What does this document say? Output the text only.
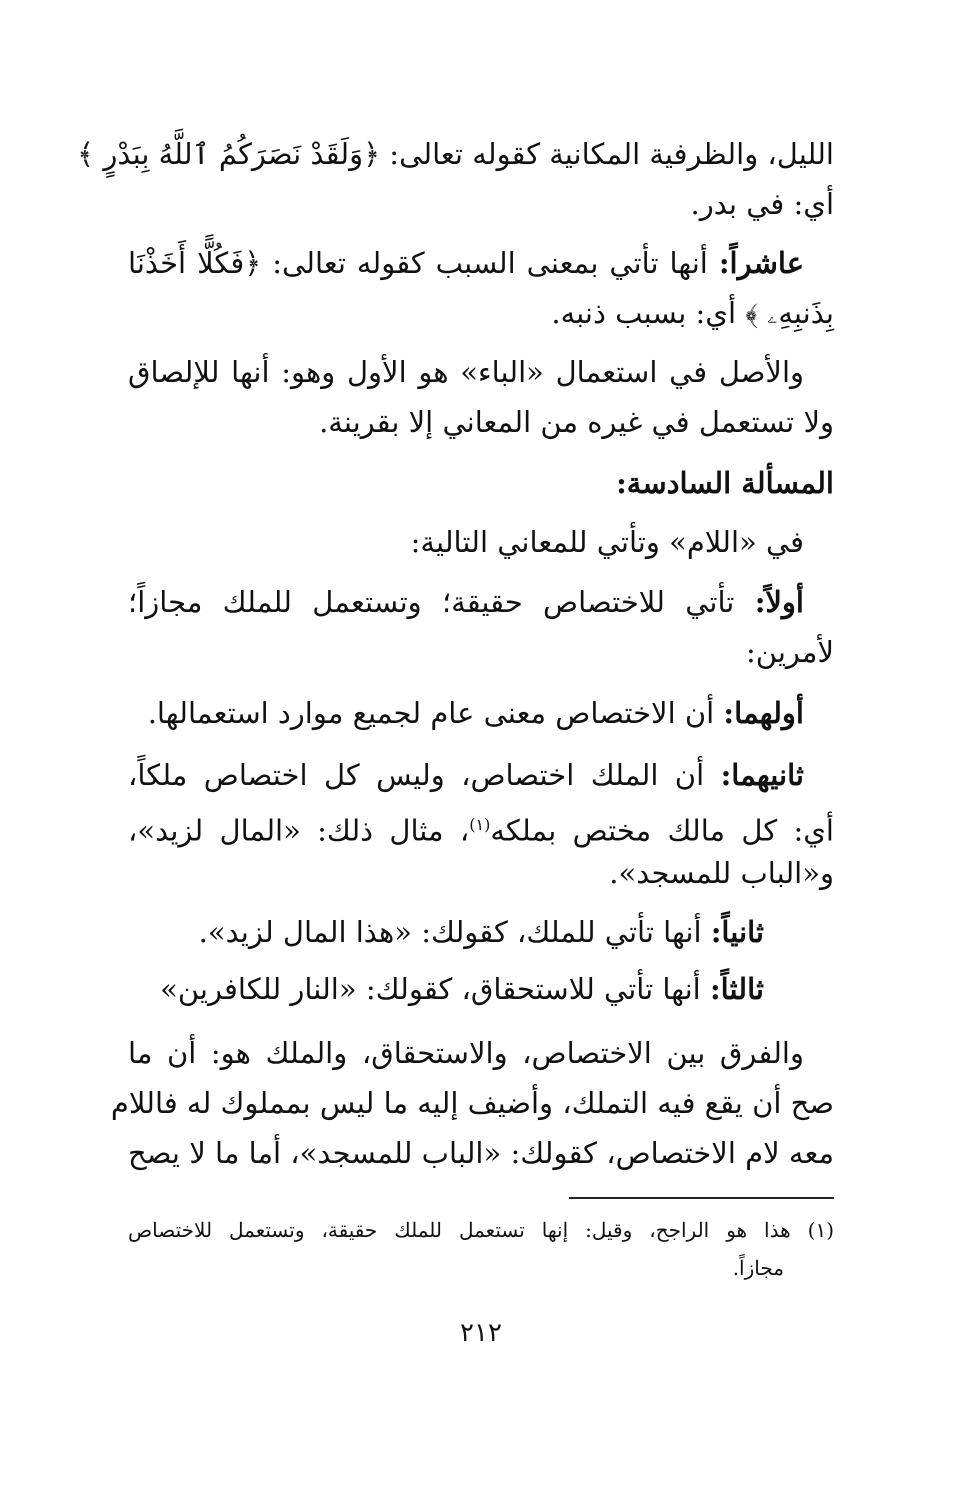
الليل، والظرفية المكانية كقوله تعالى: ﴿وَلَقَدْ نَصَرَكُمُ ٱللَّهُ بِبَدْرٍ ﴾
أي: في بدر.
عاشراً: أنها تأتي بمعنى السبب كقوله تعالى: ﴿فَكُلًّا أَخَذْنَا
بِذَنبِهِۦ ﴾ أي: بسبب ذنبه.
والأصل في استعمال «الباء» هو الأول وهو: أنها للإلصاق
ولا تستعمل في غيره من المعاني إلا بقرينة.
المسألة السادسة:
في «اللام» وتأتي للمعاني التالية:
أولاً: تأتي للاختصاص حقيقة؛ وتستعمل للملك مجازاً؛
لأمرين:
أولهما: أن الاختصاص معنى عام لجميع موارد استعمالها.
ثانيهما: أن الملك اختصاص، وليس كل اختصاص ملكاً،
أي: كل مالك مختص بملكه$^{(١)}$، مثال ذلك: «المال لزيد»،
و«الباب للمسجد».
ثانياً: أنها تأتي للملك، كقولك: «هذا المال لزيد».
ثالثاً: أنها تأتي للاستحقاق، كقولك: «النار للكافرين»
والفرق بين الاختصاص، والاستحقاق، والملك هو: أن ما
صح أن يقع فيه التملك، وأضيف إليه ما ليس بمملوك له فاللام
معه لام الاختصاص، كقولك: «الباب للمسجد»، أما ما لا يصح
(١) هذا هو الراجح، وقيل: إنها تستعمل للملك حقيقة، وتستعمل للاختصاص
مجازاً.
٢١٢
